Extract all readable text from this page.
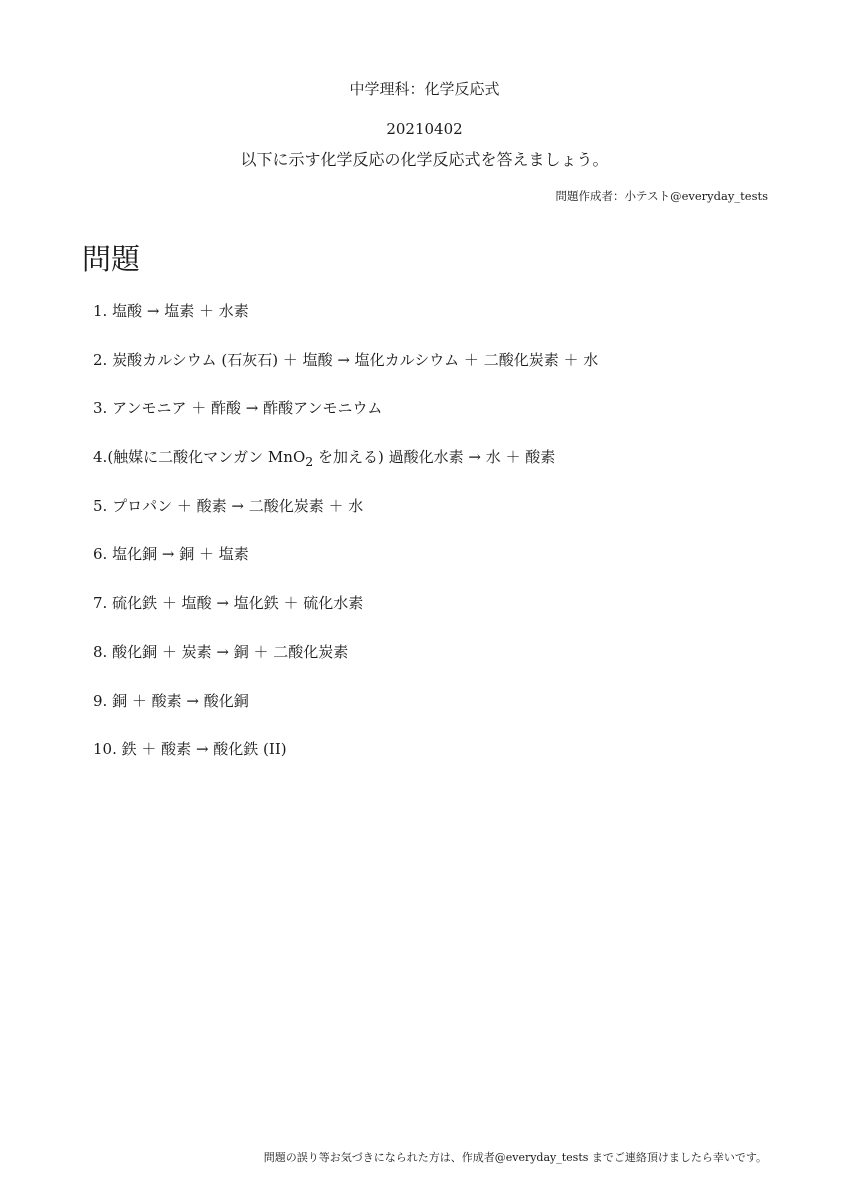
中学理科：化学反応式
20210402
以下に示す化学反応の化学反応式を答えましょう。
問題作成者：小テスト@everyday_tests
問題
1. 塩酸 → 塩素 ＋ 水素
2. 炭酸カルシウム (石灰石) ＋ 塩酸 → 塩化カルシウム ＋ 二酸化炭素 ＋ 水
3. アンモニア ＋ 酢酸 → 酢酸アンモニウム
4.(触媒に二酸化マンガン MnO$_2$ を加える) 過酸化水素 → 水 ＋ 酸素
5. プロパン ＋ 酸素 → 二酸化炭素 ＋ 水
6. 塩化銅 → 銅 ＋ 塩素
7. 硫化鉄 ＋ 塩酸 → 塩化鉄 ＋ 硫化水素
8. 酸化銅 ＋ 炭素 → 銅 ＋ 二酸化炭素
9. 銅 ＋ 酸素 → 酸化銅
10. 鉄 ＋ 酸素 → 酸化鉄 (II)
問題の誤り等お気づきになられた方は、作成者@everyday_tests までご連絡頂けましたら幸いです。
